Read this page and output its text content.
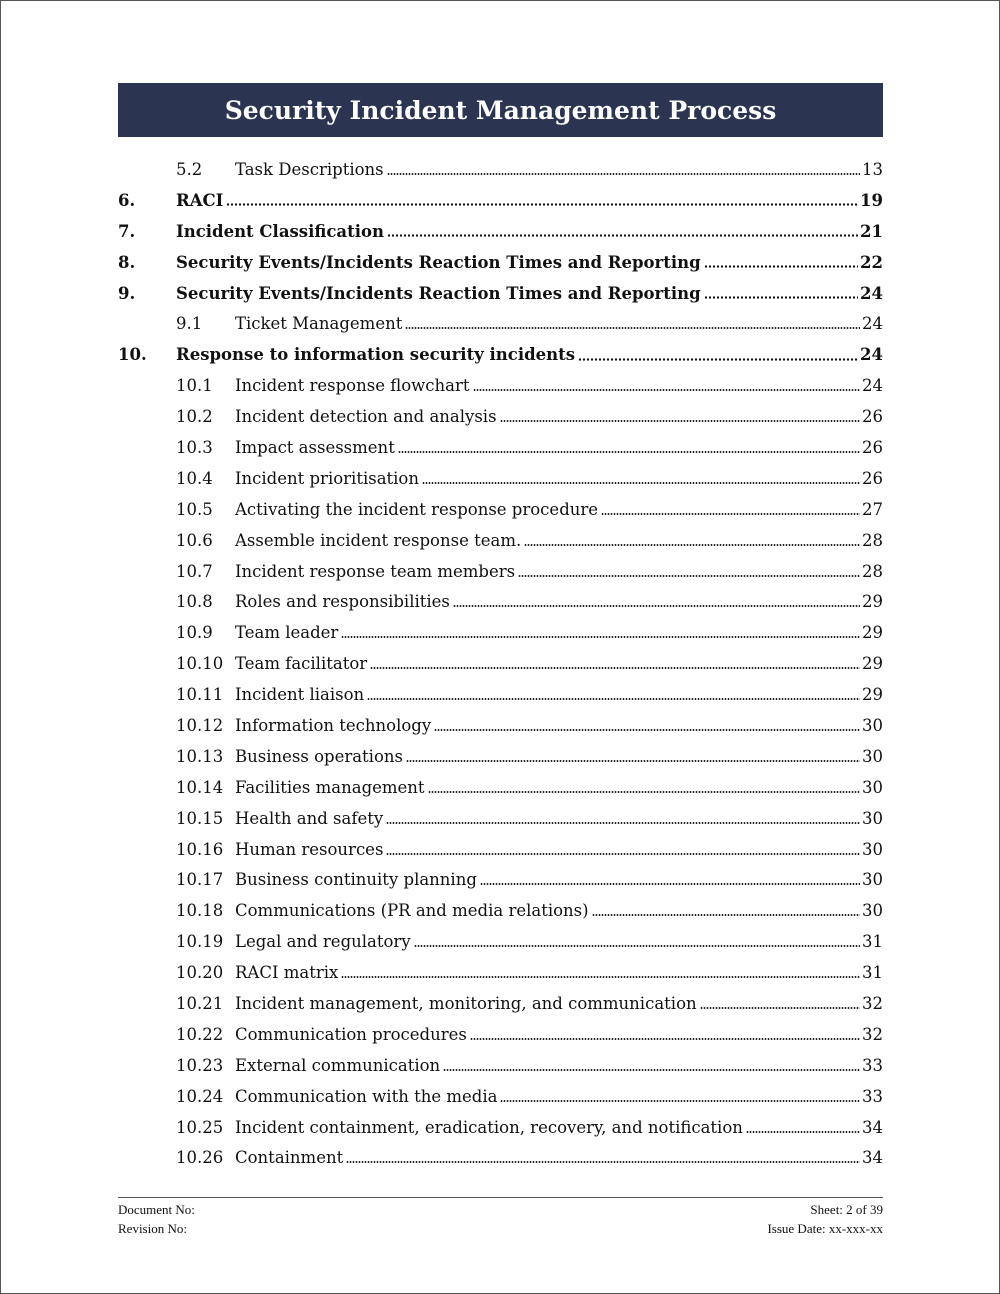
Security Incident Management Process
5.2	Task Descriptions	13
6.	RACI	19
7.	Incident Classification	21
8.	Security Events/Incidents Reaction Times and Reporting	22
9.	Security Events/Incidents Reaction Times and Reporting	24
9.1	Ticket Management	24
10.	Response to information security incidents	24
10.1	Incident response flowchart	24
10.2	Incident detection and analysis	26
10.3	Impact assessment	26
10.4	Incident prioritisation	26
10.5	Activating the incident response procedure	27
10.6	Assemble incident response team.	28
10.7	Incident response team members	28
10.8	Roles and responsibilities	29
10.9	Team leader	29
10.10 Team facilitator	29
10.11 Incident liaison	29
10.12 Information technology	30
10.13 Business operations	30
10.14 Facilities management	30
10.15 Health and safety	30
10.16 Human resources	30
10.17 Business continuity planning	30
10.18 Communications (PR and media relations)	30
10.19 Legal and regulatory	31
10.20 RACI matrix	31
10.21 Incident management, monitoring, and communication	32
10.22 Communication procedures	32
10.23 External communication	33
10.24 Communication with the media	33
10.25 Incident containment, eradication, recovery, and notification	34
10.26 Containment	34
Document No:
Revision No:
Sheet: 2 of 39
Issue Date: xx-xxx-xx
